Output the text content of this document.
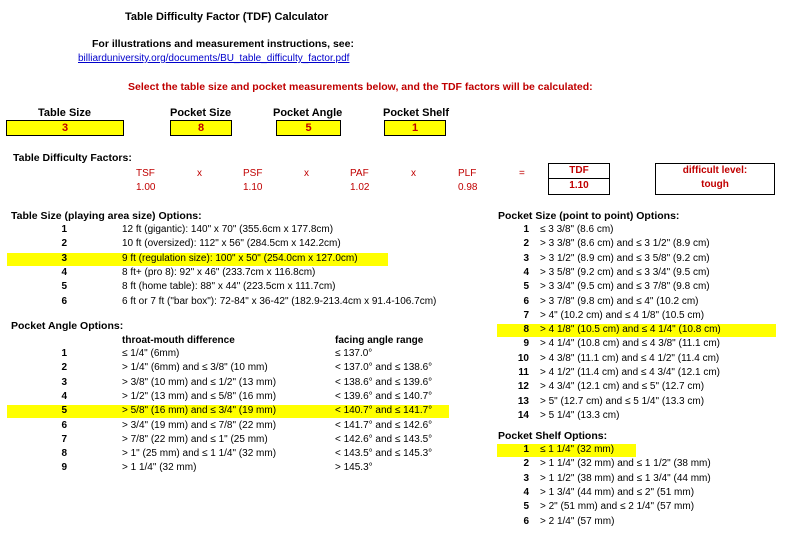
Table Difficulty Factor (TDF) Calculator
For illustrations and measurement instructions, see:
billiarduniversity.org/documents/BU_table_difficulty_factor.pdf
Select the table size and pocket measurements below, and the TDF factors will be calculated:
Table Size
3
Pocket Size
8
Pocket Angle
5
Pocket Shelf
1
Table Difficulty Factors:
TSF
1.00
x	PSF
1.10
x	PAF
1.02
x	PLF
0.98
=	TDF
1.10
difficult level:
tough
Table Size (playing area size) Options:
1	12 ft (gigantic): 140" x 70" (355.6cm x 177.8cm)
2	10 ft (oversized): 112" x 56" (284.5cm x 142.2cm)
3	9 ft (regulation size): 100" x 50" (254.0cm x 127.0cm)
4	8 ft+ (pro 8): 92" x 46" (233.7cm x 116.8cm)
5	8 ft (home table): 88" x 44" (223.5cm x 111.7cm)
6	6 ft or 7 ft ("bar box"): 72-84" x 36-42" (182.9-213.4cm x 91.4-106.7cm)
Pocket Angle Options:
throat-mouth difference	facing angle range
1	≤ 1/4" (6mm)	≤ 137.0°
2	> 1/4" (6mm) and ≤ 3/8" (10 mm)	< 137.0° and ≤ 138.6°
3	> 3/8" (10 mm) and ≤ 1/2" (13 mm)	< 138.6° and ≤ 139.6°
4	> 1/2" (13 mm) and ≤ 5/8" (16 mm)	< 139.6° and ≤ 140.7°
5	> 5/8" (16 mm) and ≤ 3/4" (19 mm)	< 140.7° and ≤ 141.7°
6	> 3/4" (19 mm) and ≤ 7/8" (22 mm)	< 141.7° and ≤ 142.6°
7	> 7/8" (22 mm) and ≤ 1" (25 mm)	< 142.6° and ≤ 143.5°
8	> 1" (25 mm) and ≤ 1 1/4" (32 mm)	< 143.5° and ≤ 145.3°
9	> 1 1/4" (32 mm)	> 145.3°
Pocket Size (point to point) Options:
1 ≤ 3 3/8" (8.6 cm)
2 > 3 3/8" (8.6 cm) and ≤ 3 1/2" (8.9 cm)
3 > 3 1/2" (8.9 cm) and ≤ 3 5/8" (9.2 cm)
4 > 3 5/8" (9.2 cm) and ≤ 3 3/4" (9.5 cm)
5 > 3 3/4" (9.5 cm) and ≤ 3 7/8" (9.8 cm)
6 > 3 7/8" (9.8 cm) and ≤ 4" (10.2 cm)
7 > 4" (10.2 cm) and ≤ 4 1/8" (10.5 cm)
8 > 4 1/8" (10.5 cm) and ≤ 4 1/4" (10.8 cm)
9 > 4 1/4" (10.8 cm) and ≤ 4 3/8" (11.1 cm)
10 > 4 3/8" (11.1 cm) and ≤ 4 1/2" (11.4 cm)
11 > 4 1/2" (11.4 cm) and ≤ 4 3/4" (12.1 cm)
12 > 4 3/4" (12.1 cm) and ≤ 5" (12.7 cm)
13 > 5" (12.7 cm) and ≤ 5 1/4" (13.3 cm)
14 > 5 1/4" (13.3 cm)
Pocket Shelf Options:
1 ≤ 1 1/4" (32 mm)
2 > 1 1/4" (32 mm) and ≤ 1 1/2" (38 mm)
3 > 1 1/2" (38 mm) and ≤ 1 3/4" (44 mm)
4 > 1 3/4" (44 mm) and ≤ 2" (51 mm)
5 > 2" (51 mm) and ≤ 2 1/4" (57 mm)
6 > 2 1/4" (57 mm)
